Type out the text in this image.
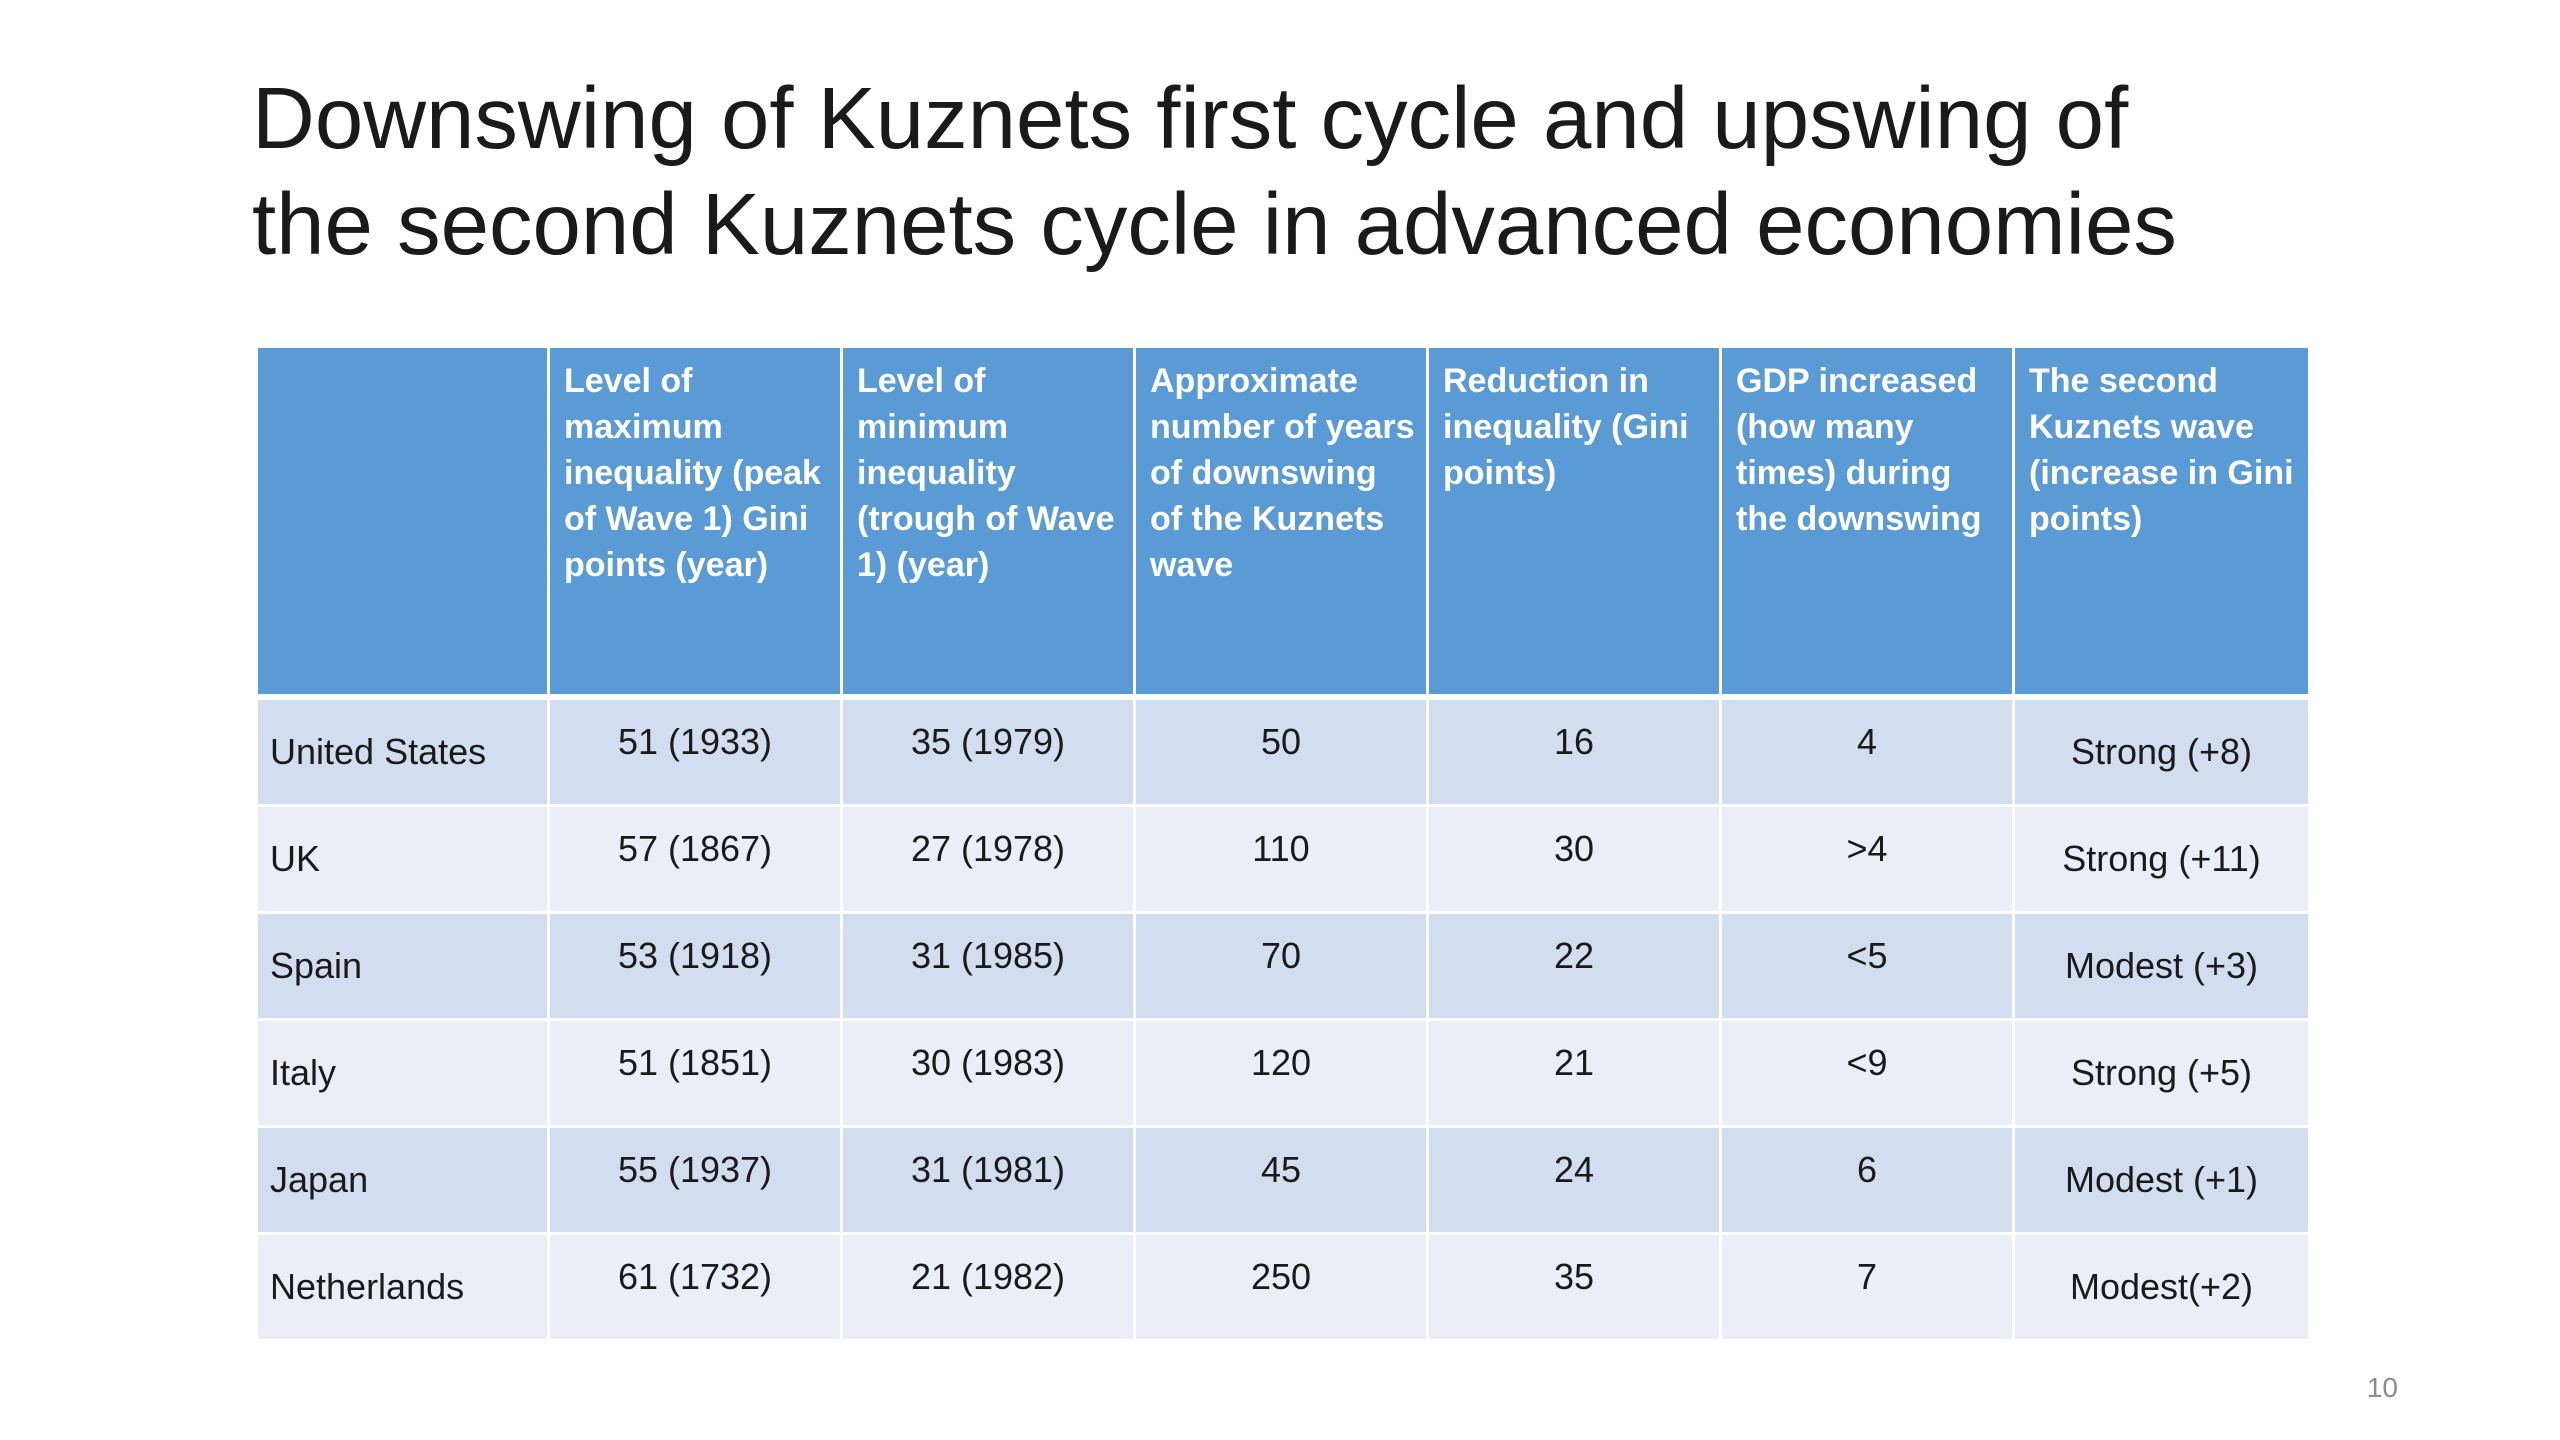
Downswing of Kuznets first cycle and upswing of
the second Kuznets cycle in advanced economies
	Level of maximum inequality (peak of Wave 1) Gini points (year)	Level of minimum inequality (trough of Wave 1) (year)	Approximate number of years of downswing of the Kuznets wave	Reduction in inequality (Gini points)	GDP increased (how many times) during the downswing	The second Kuznets wave (increase in Gini points)
United States	51 (1933)	35 (1979)	50	16	4	Strong (+8)
UK	57 (1867)	27 (1978)	110	30	>4	Strong (+11)
Spain	53 (1918)	31 (1985)	70	22	<5	Modest (+3)
Italy	51 (1851)	30 (1983)	120	21	<9	Strong (+5)
Japan	55 (1937)	31 (1981)	45	24	6	Modest (+1)
Netherlands	61 (1732)	21 (1982)	250	35	7	Modest(+2)
10
